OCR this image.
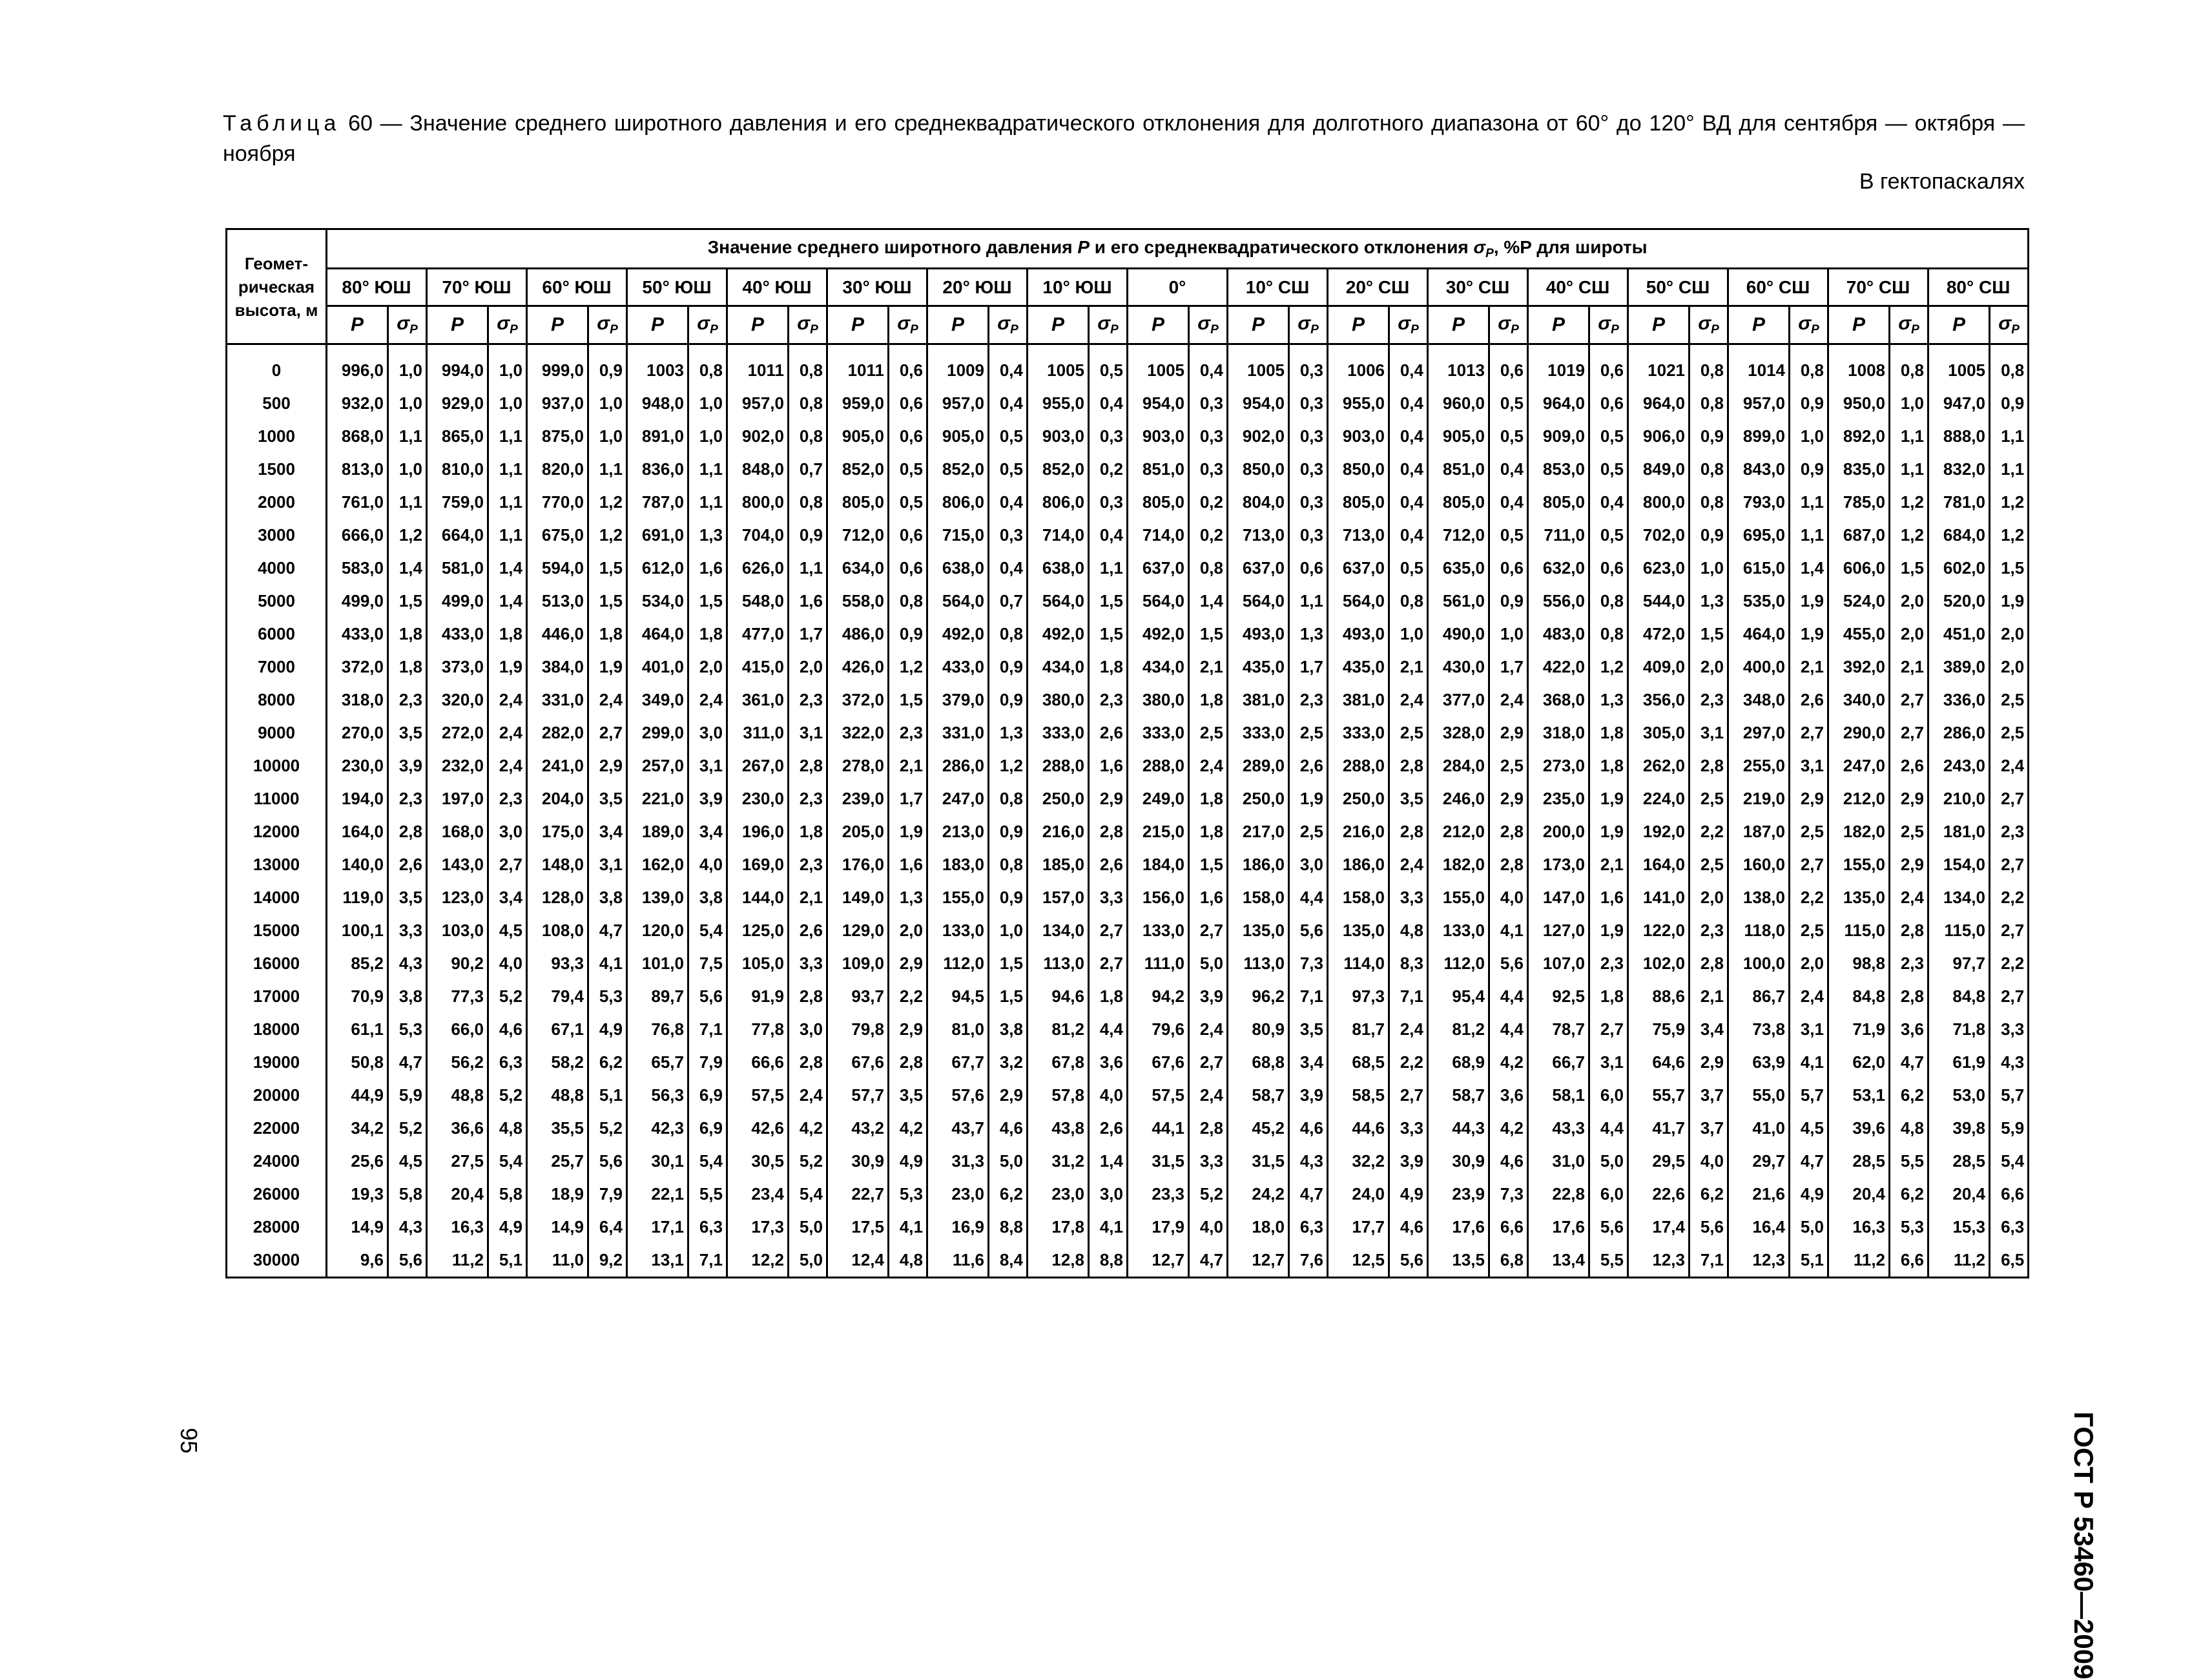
Таблица 60 — Значение среднего широтного давления и его среднеквадратического отклонения для долготного диапазона от 60° до 120° ВД для сентября — октября — ноября
В гектопаскалях
Геомет-рическая высота, м	Значение среднего широтного давления P и его среднеквадратического отклонения $\sigma_P$, %P для широты																																	
	80° ЮШ		70° ЮШ		60° ЮШ		50° ЮШ		40° ЮШ		30° ЮШ		20° ЮШ		10° ЮШ		0°		10° СШ		20° СШ		30° СШ		40° СШ		50° СШ		60° СШ		70° СШ		80° СШ	
	P	$\sigma_P$	P	$\sigma_P$	P	$\sigma_P$	P	$\sigma_P$	P	$\sigma_P$	P	$\sigma_P$	P	$\sigma_P$	P	$\sigma_P$	P	$\sigma_P$	P	$\sigma_P$	P	$\sigma_P$	P	$\sigma_P$	P	$\sigma_P$	P	$\sigma_P$	P	$\sigma_P$	P	$\sigma_P$	P	$\sigma_P$
0	996,0	1,0	994,0	1,0	999,0	0,9	1003	0,8	1011	0,8	1011	0,6	1009	0,4	1005	0,5	1005	0,4	1005	0,3	1006	0,4	1013	0,6	1019	0,6	1021	0,8	1014	0,8	1008	0,8	1005	0,8
500	932,0	1,0	929,0	1,0	937,0	1,0	948,0	1,0	957,0	0,8	959,0	0,6	957,0	0,4	955,0	0,4	954,0	0,3	954,0	0,3	955,0	0,4	960,0	0,5	964,0	0,6	964,0	0,8	957,0	0,9	950,0	1,0	947,0	0,9
1000	868,0	1,1	865,0	1,1	875,0	1,0	891,0	1,0	902,0	0,8	905,0	0,6	905,0	0,5	903,0	0,3	903,0	0,3	902,0	0,3	903,0	0,4	905,0	0,5	909,0	0,5	906,0	0,9	899,0	1,0	892,0	1,1	888,0	1,1
1500	813,0	1,0	810,0	1,1	820,0	1,1	836,0	1,1	848,0	0,7	852,0	0,5	852,0	0,5	852,0	0,2	851,0	0,3	850,0	0,3	850,0	0,4	851,0	0,4	853,0	0,5	849,0	0,8	843,0	0,9	835,0	1,1	832,0	1,1
2000	761,0	1,1	759,0	1,1	770,0	1,2	787,0	1,1	800,0	0,8	805,0	0,5	806,0	0,4	806,0	0,3	805,0	0,2	804,0	0,3	805,0	0,4	805,0	0,4	805,0	0,4	800,0	0,8	793,0	1,1	785,0	1,2	781,0	1,2
3000	666,0	1,2	664,0	1,1	675,0	1,2	691,0	1,3	704,0	0,9	712,0	0,6	715,0	0,3	714,0	0,4	714,0	0,2	713,0	0,3	713,0	0,4	712,0	0,5	711,0	0,5	702,0	0,9	695,0	1,1	687,0	1,2	684,0	1,2
4000	583,0	1,4	581,0	1,4	594,0	1,5	612,0	1,6	626,0	1,1	634,0	0,6	638,0	0,4	638,0	1,1	637,0	0,8	637,0	0,6	637,0	0,5	635,0	0,6	632,0	0,6	623,0	1,0	615,0	1,4	606,0	1,5	602,0	1,5
5000	499,0	1,5	499,0	1,4	513,0	1,5	534,0	1,5	548,0	1,6	558,0	0,8	564,0	0,7	564,0	1,5	564,0	1,4	564,0	1,1	564,0	0,8	561,0	0,9	556,0	0,8	544,0	1,3	535,0	1,9	524,0	2,0	520,0	1,9
6000	433,0	1,8	433,0	1,8	446,0	1,8	464,0	1,8	477,0	1,7	486,0	0,9	492,0	0,8	492,0	1,5	492,0	1,5	493,0	1,3	493,0	1,0	490,0	1,0	483,0	0,8	472,0	1,5	464,0	1,9	455,0	2,0	451,0	2,0
7000	372,0	1,8	373,0	1,9	384,0	1,9	401,0	2,0	415,0	2,0	426,0	1,2	433,0	0,9	434,0	1,8	434,0	2,1	435,0	1,7	435,0	2,1	430,0	1,7	422,0	1,2	409,0	2,0	400,0	2,1	392,0	2,1	389,0	2,0
8000	318,0	2,3	320,0	2,4	331,0	2,4	349,0	2,4	361,0	2,3	372,0	1,5	379,0	0,9	380,0	2,3	380,0	1,8	381,0	2,3	381,0	2,4	377,0	2,4	368,0	1,3	356,0	2,3	348,0	2,6	340,0	2,7	336,0	2,5
9000	270,0	3,5	272,0	2,4	282,0	2,7	299,0	3,0	311,0	3,1	322,0	2,3	331,0	1,3	333,0	2,6	333,0	2,5	333,0	2,5	333,0	2,5	328,0	2,9	318,0	1,8	305,0	3,1	297,0	2,7	290,0	2,7	286,0	2,5
10000	230,0	3,9	232,0	2,4	241,0	2,9	257,0	3,1	267,0	2,8	278,0	2,1	286,0	1,2	288,0	1,6	288,0	2,4	289,0	2,6	288,0	2,8	284,0	2,5	273,0	1,8	262,0	2,8	255,0	3,1	247,0	2,6	243,0	2,4
11000	194,0	2,3	197,0	2,3	204,0	3,5	221,0	3,9	230,0	2,3	239,0	1,7	247,0	0,8	250,0	2,9	249,0	1,8	250,0	1,9	250,0	3,5	246,0	2,9	235,0	1,9	224,0	2,5	219,0	2,9	212,0	2,9	210,0	2,7
12000	164,0	2,8	168,0	3,0	175,0	3,4	189,0	3,4	196,0	1,8	205,0	1,9	213,0	0,9	216,0	2,8	215,0	1,8	217,0	2,5	216,0	2,8	212,0	2,8	200,0	1,9	192,0	2,2	187,0	2,5	182,0	2,5	181,0	2,3
13000	140,0	2,6	143,0	2,7	148,0	3,1	162,0	4,0	169,0	2,3	176,0	1,6	183,0	0,8	185,0	2,6	184,0	1,5	186,0	3,0	186,0	2,4	182,0	2,8	173,0	2,1	164,0	2,5	160,0	2,7	155,0	2,9	154,0	2,7
14000	119,0	3,5	123,0	3,4	128,0	3,8	139,0	3,8	144,0	2,1	149,0	1,3	155,0	0,9	157,0	3,3	156,0	1,6	158,0	4,4	158,0	3,3	155,0	4,0	147,0	1,6	141,0	2,0	138,0	2,2	135,0	2,4	134,0	2,2
15000	100,1	3,3	103,0	4,5	108,0	4,7	120,0	5,4	125,0	2,6	129,0	2,0	133,0	1,0	134,0	2,7	133,0	2,7	135,0	5,6	135,0	4,8	133,0	4,1	127,0	1,9	122,0	2,3	118,0	2,5	115,0	2,8	115,0	2,7
16000	85,2	4,3	90,2	4,0	93,3	4,1	101,0	7,5	105,0	3,3	109,0	2,9	112,0	1,5	113,0	2,7	111,0	5,0	113,0	7,3	114,0	8,3	112,0	5,6	107,0	2,3	102,0	2,8	100,0	2,0	98,8	2,3	97,7	2,2
17000	70,9	3,8	77,3	5,2	79,4	5,3	89,7	5,6	91,9	2,8	93,7	2,2	94,5	1,5	94,6	1,8	94,2	3,9	96,2	7,1	97,3	7,1	95,4	4,4	92,5	1,8	88,6	2,1	86,7	2,4	84,8	2,8	84,8	2,7
18000	61,1	5,3	66,0	4,6	67,1	4,9	76,8	7,1	77,8	3,0	79,8	2,9	81,0	3,8	81,2	4,4	79,6	2,4	80,9	3,5	81,7	2,4	81,2	4,4	78,7	2,7	75,9	3,4	73,8	3,1	71,9	3,6	71,8	3,3
19000	50,8	4,7	56,2	6,3	58,2	6,2	65,7	7,9	66,6	2,8	67,6	2,8	67,7	3,2	67,8	3,6	67,6	2,7	68,8	3,4	68,5	2,2	68,9	4,2	66,7	3,1	64,6	2,9	63,9	4,1	62,0	4,7	61,9	4,3
20000	44,9	5,9	48,8	5,2	48,8	5,1	56,3	6,9	57,5	2,4	57,7	3,5	57,6	2,9	57,8	4,0	57,5	2,4	58,7	3,9	58,5	2,7	58,7	3,6	58,1	6,0	55,7	3,7	55,0	5,7	53,1	6,2	53,0	5,7
22000	34,2	5,2	36,6	4,8	35,5	5,2	42,3	6,9	42,6	4,2	43,2	4,2	43,7	4,6	43,8	2,6	44,1	2,8	45,2	4,6	44,6	3,3	44,3	4,2	43,3	4,4	41,7	3,7	41,0	4,5	39,6	4,8	39,8	5,9
24000	25,6	4,5	27,5	5,4	25,7	5,6	30,1	5,4	30,5	5,2	30,9	4,9	31,3	5,0	31,2	1,4	31,5	3,3	31,5	4,3	32,2	3,9	30,9	4,6	31,0	5,0	29,5	4,0	29,7	4,7	28,5	5,5	28,5	5,4
26000	19,3	5,8	20,4	5,8	18,9	7,9	22,1	5,5	23,4	5,4	22,7	5,3	23,0	6,2	23,0	3,0	23,3	5,2	24,2	4,7	24,0	4,9	23,9	7,3	22,8	6,0	22,6	6,2	21,6	4,9	20,4	6,2	20,4	6,6
28000	14,9	4,3	16,3	4,9	14,9	6,4	17,1	6,3	17,3	5,0	17,5	4,1	16,9	8,8	17,8	4,1	17,9	4,0	18,0	6,3	17,7	4,6	17,6	6,6	17,6	5,6	17,4	5,6	16,4	5,0	16,3	5,3	15,3	6,3
30000	9,6	5,6	11,2	5,1	11,0	9,2	13,1	7,1	12,2	5,0	12,4	4,8	11,6	8,4	12,8	8,8	12,7	4,7	12,7	7,6	12,5	5,6	13,5	6,8	13,4	5,5	12,3	7,1	12,3	5,1	11,2	6,6	11,2	6,5
ГОСТ Р 53460—2009
95
